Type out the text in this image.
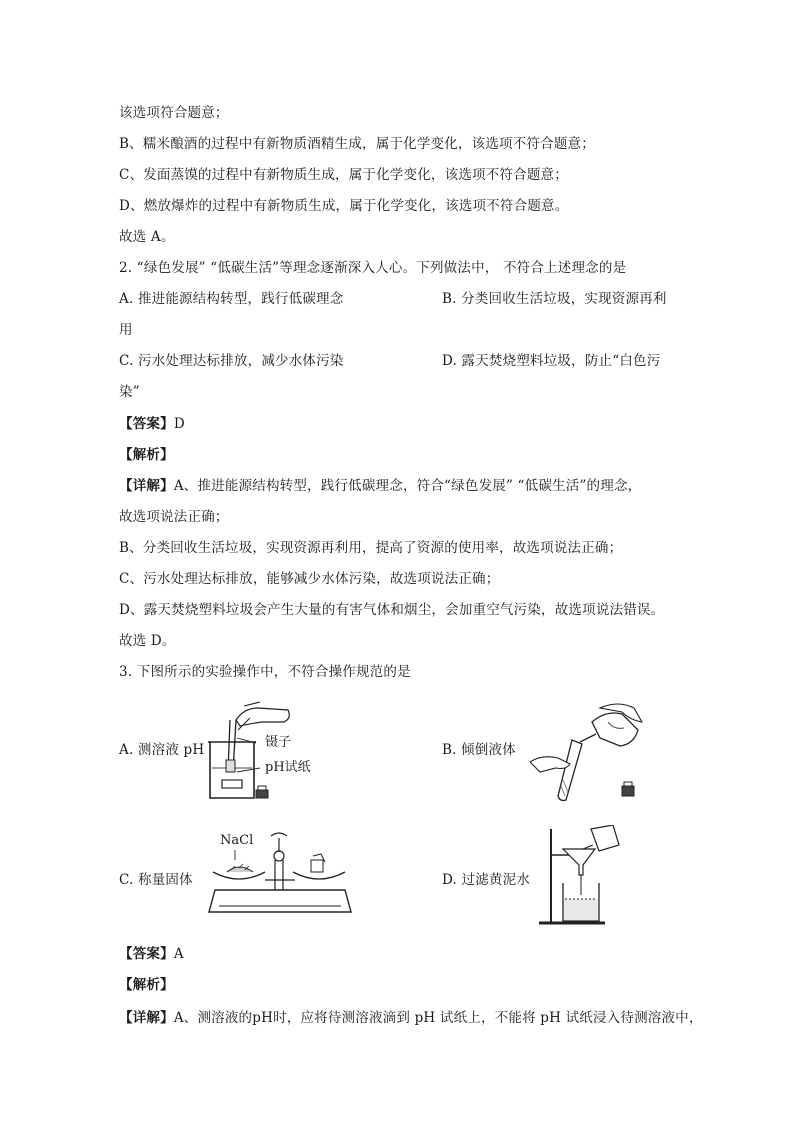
该选项符合题意；
B、糯米酿酒的过程中有新物质酒精生成，属于化学变化，该选项不符合题意；
C、发面蒸馍的过程中有新物质生成，属于化学变化，该选项不符合题意；
D、燃放爆炸的过程中有新物质生成，属于化学变化，该选项不符合题意。
故选 A。
2. “绿色发展” “低碳生活”等理念逐渐深入人心。下列做法中， 不符合上述理念的是
A. 推进能源结构转型，践行低碳理念	B. 分类回收生活垃圾，实现资源再利
用
C. 污水处理达标排放，减少水体污染	D. 露天焚烧塑料垃圾，防止“白色污
染”
【答案】D
【解析】
【详解】A、推进能源结构转型，践行低碳理念，符合“绿色发展” “低碳生活”的理念，
故选项说法正确；
B、分类回收生活垃圾，实现资源再利用，提高了资源的使用率，故选项说法正确；
C、污水处理达标排放，能够减少水体污染，故选项说法正确；
D、露天焚烧塑料垃圾会产生大量的有害气体和烟尘，会加重空气污染，故选项说法错误。
故选 D。
3. 下图所示的实验操作中，不符合操作规范的是
A. 测溶液 pH	镊子
pH试纸
B. 倾倒液体
C. 称量固体
NaCl
D. 过滤黄泥水
【答案】A
【解析】
【详解】A、测溶液的pH时，应将待测溶液滴到 pH 试纸上，不能将 pH 试纸浸入待测溶液中，
